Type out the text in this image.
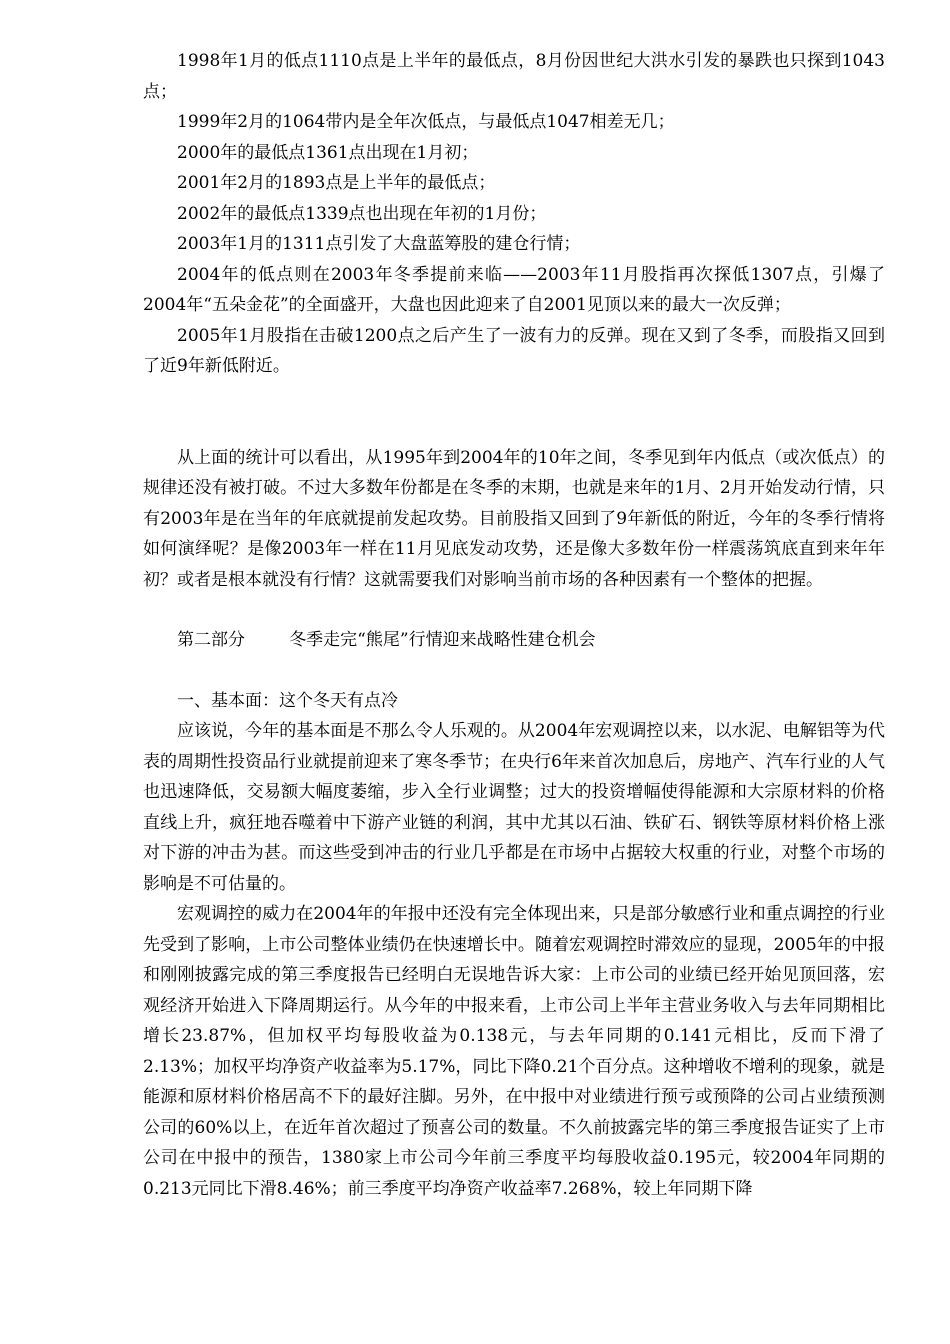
1998年1月的低点1110点是上半年的最低点，8月份因世纪大洪水引发的暴跌也只探到1043点；

1999年2月的1064带内是全年次低点，与最低点1047相差无几；

2000年的最低点1361点出现在1月初；

2001年2月的1893点是上半年的最低点；

2002年的最低点1339点也出现在年初的1月份；

2003年1月的1311点引发了大盘蓝筹股的建仓行情；

2004年的低点则在2003年冬季提前来临——2003年11月股指再次探低1307点，引爆了2004年“五朵金花”的全面盛开，大盘也因此迎来了自2001见顶以来的最大一次反弹；

2005年1月股指在击破1200点之后产生了一波有力的反弹。现在又到了冬季，而股指又回到了近9年新低附近。

从上面的统计可以看出，从1995年到2004年的10年之间，冬季见到年内低点（或次低点）的规律还没有被打破。不过大多数年份都是在冬季的末期，也就是来年的1月、2月开始发动行情，只有2003年是在当年的年底就提前发起攻势。目前股指又回到了9年新低的附近，今年的冬季行情将如何演绎呢？是像2003年一样在11月见底发动攻势，还是像大多数年份一样震荡筑底直到来年年初？或者是根本就没有行情？这就需要我们对影响当前市场的各种因素有一个整体的把握。

第二部分	冬季走完“熊尾”行情迎来战略性建仓机会

一、基本面：这个冬天有点冷

应该说，今年的基本面是不那么令人乐观的。从2004年宏观调控以来，以水泥、电解铝等为代表的周期性投资品行业就提前迎来了寒冬季节；在央行6年来首次加息后，房地产、汽车行业的人气也迅速降低，交易额大幅度萎缩，步入全行业调整；过大的投资增幅使得能源和大宗原材料的价格直线上升，疯狂地吞噬着中下游产业链的利润，其中尤其以石油、铁矿石、钢铁等原材料价格上涨对下游的冲击为甚。而这些受到冲击的行业几乎都是在市场中占据较大权重的行业，对整个市场的影响是不可估量的。

宏观调控的威力在2004年的年报中还没有完全体现出来，只是部分敏感行业和重点调控的行业先受到了影响，上市公司整体业绩仍在快速增长中。随着宏观调控时滞效应的显现，2005年的中报和刚刚披露完成的第三季度报告已经明白无误地告诉大家：上市公司的业绩已经开始见顶回落，宏观经济开始进入下降周期运行。从今年的中报来看，上市公司上半年主营业务收入与去年同期相比增长23.87%，但加权平均每股收益为0.138元，与去年同期的0.141元相比，反而下滑了2.13%；加权平均净资产收益率为5.17%，同比下降0.21个百分点。这种增收不增利的现象，就是能源和原材料价格居高不下的最好注脚。另外，在中报中对业绩进行预亏或预降的公司占业绩预测公司的60%以上，在近年首次超过了预喜公司的数量。不久前披露完毕的第三季度报告证实了上市公司在中报中的预告，1380家上市公司今年前三季度平均每股收益0.195元，较2004年同期的0.213元同比下滑8.46%；前三季度平均净资产收益率7.268%，较上年同期下降
